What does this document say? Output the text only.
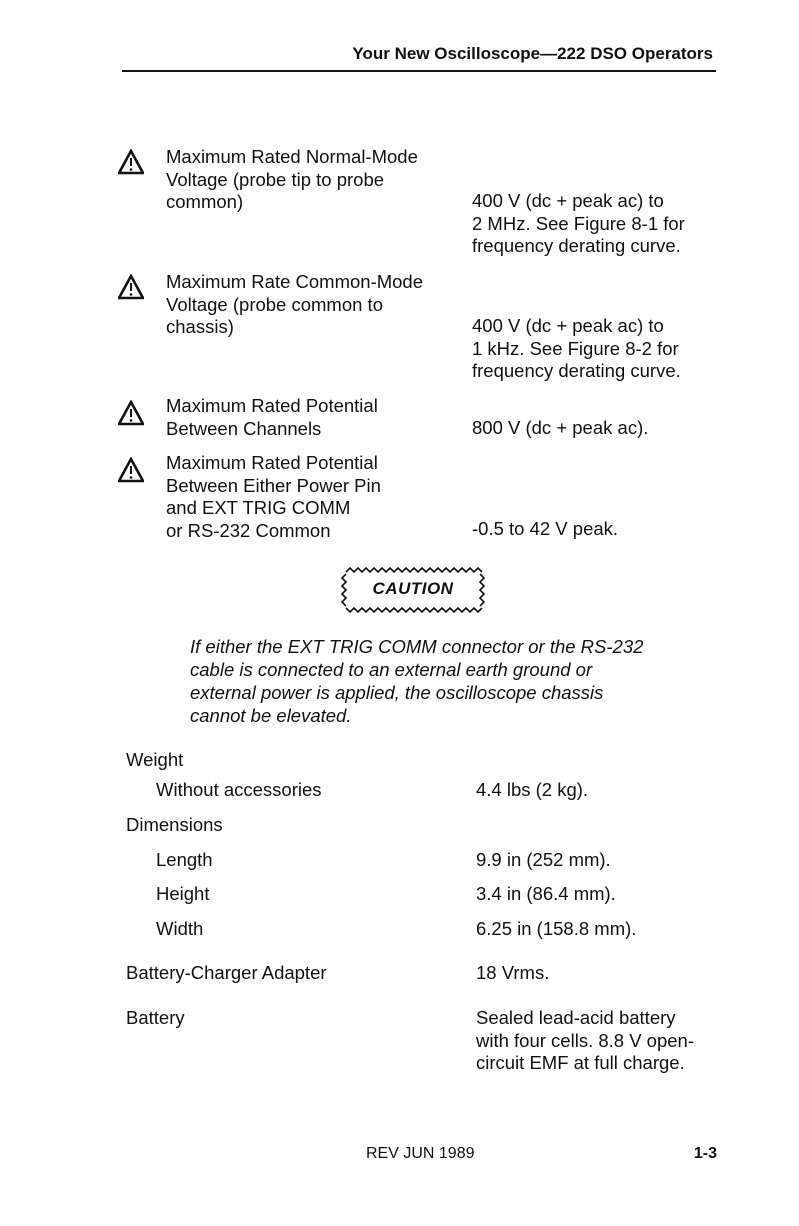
Your New Oscilloscope—222 DSO Operators
Maximum Rated Normal-Mode
Voltage (probe tip to probe
common)	400 V (dc + peak ac) to
2 MHz. See Figure 8-1 for
frequency derating curve.
Maximum Rate Common-Mode
Voltage (probe common to
chassis)	400 V (dc + peak ac) to
1 kHz. See Figure 8-2 for
frequency derating curve.
Maximum Rated Potential
Between Channels	800 V (dc + peak ac).
Maximum Rated Potential
Between Either Power Pin
and EXT TRIG COMM
or RS-232 Common	-0.5 to 42 V peak.
CAUTION
If either the EXT TRIG COMM connector or the RS-232
cable is connected to an external earth ground or
external power is applied, the oscilloscope chassis
cannot be elevated.
Weight
Without accessories	4.4 lbs (2 kg).
Dimensions
Length	9.9 in (252 mm).
Height	3.4 in (86.4 mm).
Width	6.25 in (158.8 mm).
Battery-Charger Adapter	18 Vrms.
Battery	Sealed lead-acid battery
with four cells. 8.8 V open-
circuit EMF at full charge.
REV JUN 1989	1-3
